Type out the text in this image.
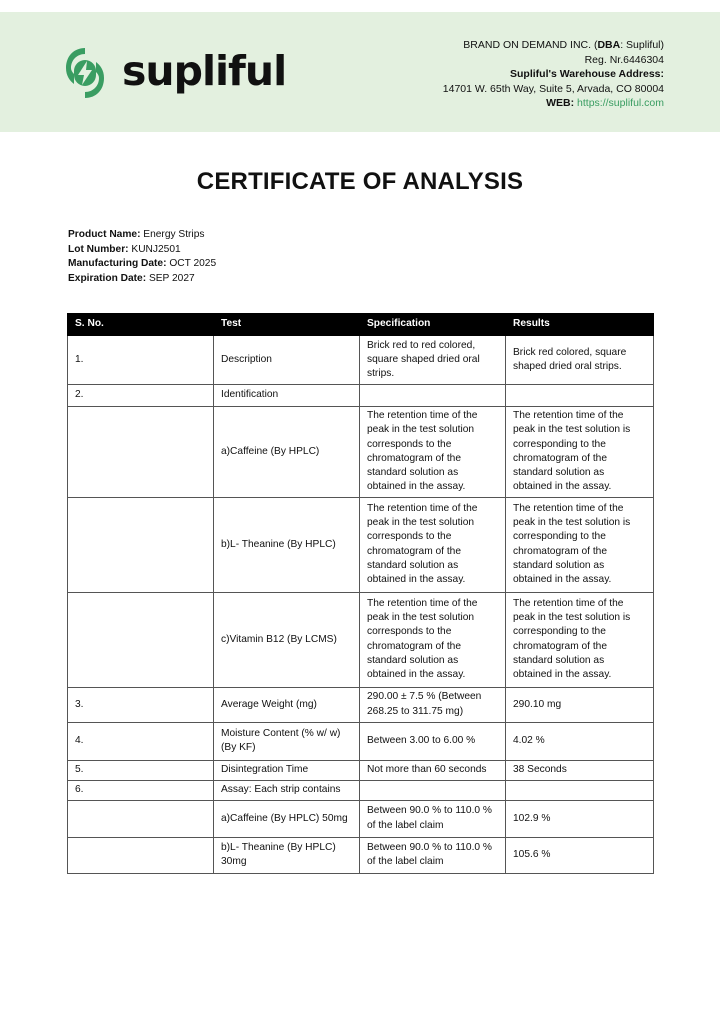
supliful
BRAND ON DEMAND INC. (DBA: Supliful)
Reg. Nr.6446304
Supliful's Warehouse Address:
14701 W. 65th Way, Suite 5, Arvada, CO 80004
WEB: https://supliful.com
CERTIFICATE OF ANALYSIS
Product Name: Energy Strips
Lot Number: KUNJ2501
Manufacturing Date: OCT 2025
Expiration Date: SEP 2027
S. No.	Test	Specification	Results
1.	Description	Brick red to red colored, square shaped dried oral strips.	Brick red colored, square shaped dried oral strips.
2.	Identification		
	a)Caffeine (By HPLC)	The retention time of the peak in the test solution corresponds to the chromatogram of the standard solution as obtained in the assay.	The retention time of the peak in the test solution is corresponding to the chromatogram of the standard solution as obtained in the assay.
	b)L- Theanine (By HPLC)	The retention time of the peak in the test solution corresponds to the chromatogram of the standard solution as obtained in the assay.	The retention time of the peak in the test solution is corresponding to the chromatogram of the standard solution as obtained in the assay.
	c)Vitamin B12 (By LCMS)	The retention time of the peak in the test solution corresponds to the chromatogram of the standard solution as obtained in the assay.	The retention time of the peak in the test solution is corresponding to the chromatogram of the standard solution as obtained in the assay.
3.	Average Weight (mg)	290.00 ± 7.5 % (Between 268.25 to 311.75 mg)	290.10 mg
4.	Moisture Content (% w/ w)(By KF)	Between 3.00 to 6.00 %	4.02 %
5.	Disintegration Time	Not more than 60 seconds	38 Seconds
6.	Assay: Each strip contains		
	a)Caffeine (By HPLC) 50mg	Between 90.0 % to 110.0 % of the label claim	102.9 %
	b)L- Theanine (By HPLC) 30mg	Between 90.0 % to 110.0 % of the label claim	105.6 %
